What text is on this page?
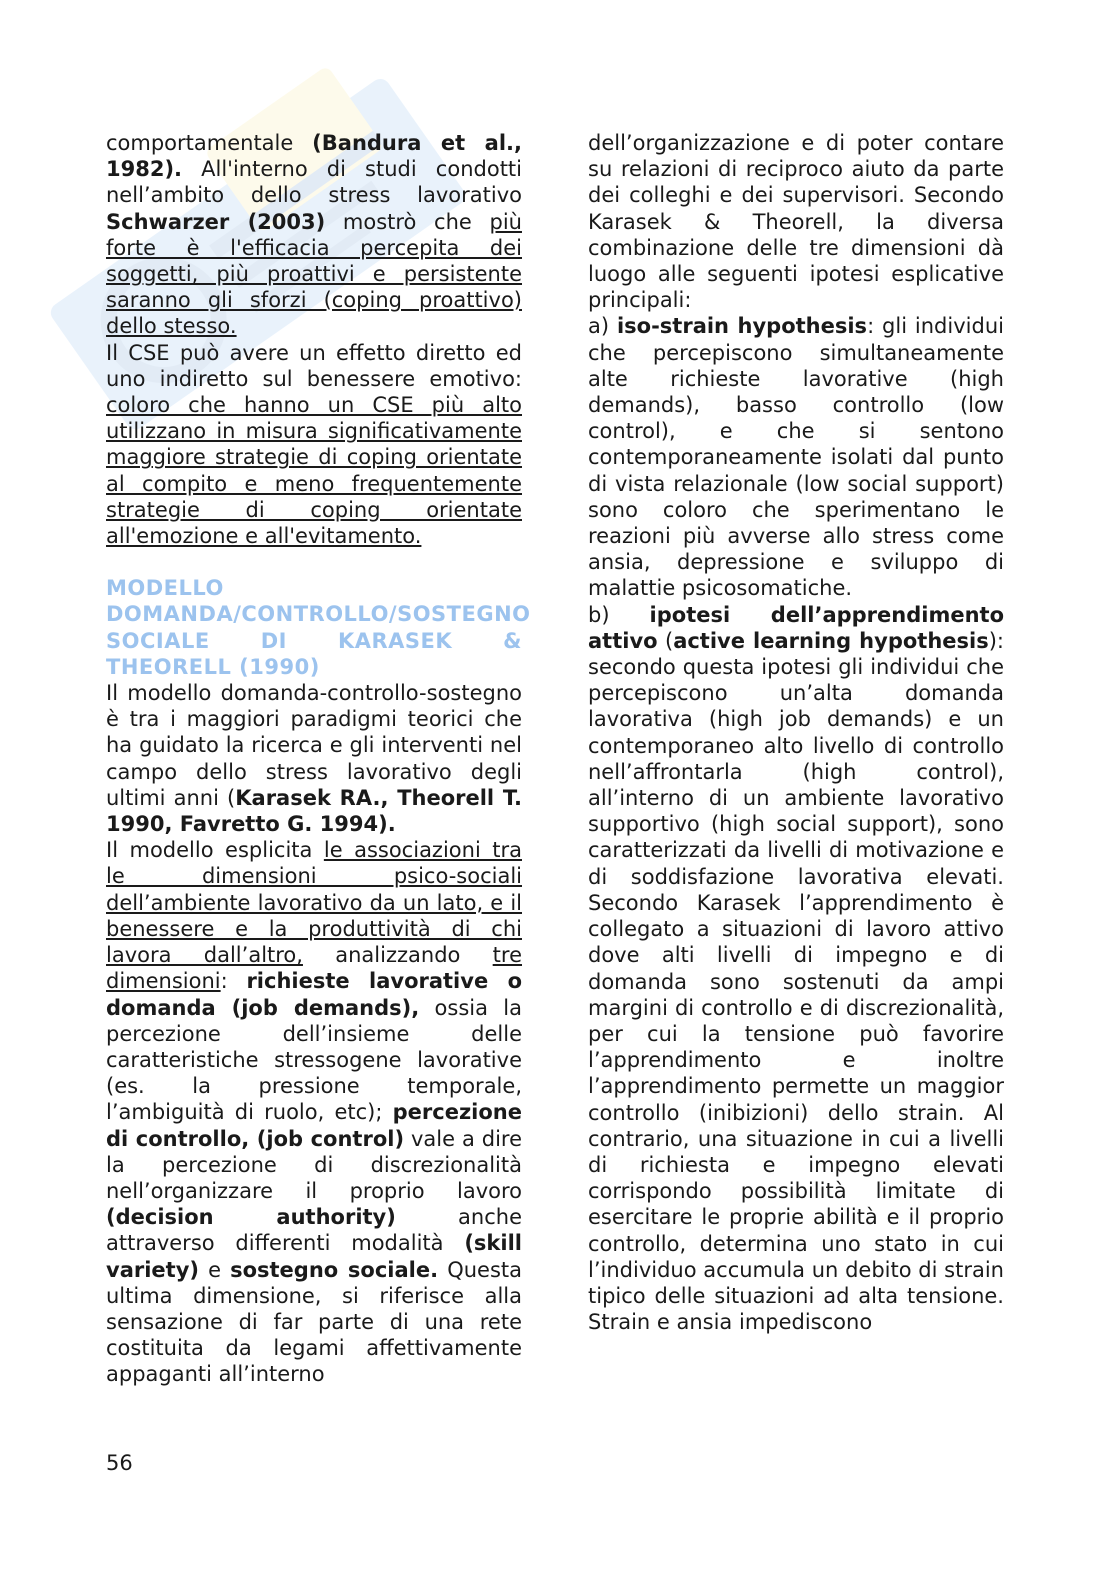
comportamentale (Bandura et al., 1982). All'interno di studi condotti nell’ambito dello stress lavorativo Schwarzer (2003) mostrò che più forte è l'efficacia percepita dei soggetti, più proattivi e persistente saranno gli sforzi (coping proattivo) dello stesso.

Il CSE può avere un effetto diretto ed uno indiretto sul benessere emotivo: coloro che hanno un CSE più alto utilizzano in misura significativamente maggiore strategie di coping orientate al compito e meno frequentemente strategie di coping orientate all'emozione e all'evitamento.

MODELLO DOMANDA/CONTROLLO/SOSTEGNO SOCIALE DI KARASEK & THEORELL (1990)

Il modello domanda-controllo-sostegno è tra i maggiori paradigmi teorici che ha guidato la ricerca e gli interventi nel campo dello stress lavorativo degli ultimi anni (Karasek RA., Theorell T. 1990, Favretto G. 1994).

Il modello esplicita le associazioni tra le dimensioni psico-sociali dell’ambiente lavorativo da un lato, e il benessere e la produttività di chi lavora dall’altro, analizzando tre dimensioni: richieste lavorative o domanda (job demands), ossia la percezione dell’insieme delle caratteristiche stressogene lavorative (es. la pressione temporale, l’ambiguità di ruolo, etc); percezione di controllo, (job control) vale a dire la percezione di discrezionalità nell’organizzare il proprio lavoro (decision authority) anche attraverso differenti modalità (skill variety) e sostegno sociale. Questa ultima dimensione, si riferisce alla sensazione di far parte di una rete costituita da legami affettivamente appaganti all’interno

dell’organizzazione e di poter contare su relazioni di reciproco aiuto da parte dei colleghi e dei supervisori. Secondo Karasek & Theorell, la diversa combinazione delle tre dimensioni dà luogo alle seguenti ipotesi esplicative principali:

a) iso-strain hypothesis: gli individui che percepiscono simultaneamente alte richieste lavorative (high demands), basso controllo (low control), e che si sentono contemporaneamente isolati dal punto di vista relazionale (low social support) sono coloro che sperimentano le reazioni più avverse allo stress come ansia, depressione e sviluppo di malattie psicosomatiche.

b) ipotesi dell’apprendimento attivo (active learning hypothesis): secondo questa ipotesi gli individui che percepiscono un’alta domanda lavorativa (high job demands) e un contemporaneo alto livello di controllo nell’affrontarla (high control), all’interno di un ambiente lavorativo supportivo (high social support), sono caratterizzati da livelli di motivazione e di soddisfazione lavorativa elevati. Secondo Karasek l’apprendimento è collegato a situazioni di lavoro attivo dove alti livelli di impegno e di domanda sono sostenuti da ampi margini di controllo e di discrezionalità, per cui la tensione può favorire l’apprendimento e inoltre l’apprendimento permette un maggior controllo (inibizioni) dello strain. Al contrario, una situazione in cui a livelli di richiesta e impegno elevati corrispondo possibilità limitate di esercitare le proprie abilità e il proprio controllo, determina uno stato in cui l’individuo accumula un debito di strain tipico delle situazioni ad alta tensione. Strain e ansia impediscono

56
